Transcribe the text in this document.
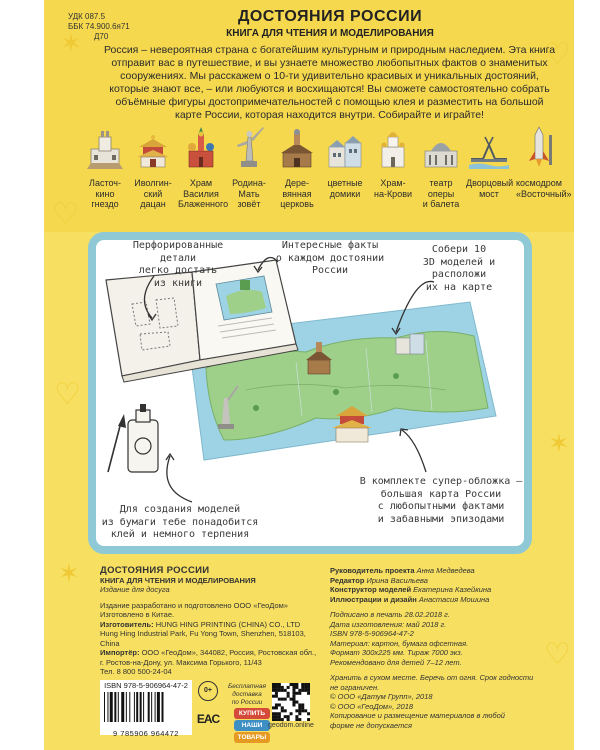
♡
♡
♡
♡
✶
✶
✶
УДК 087.5
ББК 74.900.6я71
Д70
ДОСТОЯНИЯ РОССИИ
КНИГА ДЛЯ ЧТЕНИЯ И МОДЕЛИРОВАНИЯ
Россия – невероятная страна с богатейшим культурным и природным наследием. Эта книга отправит вас в путешествие, и вы узнаете множество любопытных фактов о знаменитых сооружениях. Мы расскажем о 10-ти удивительно красивых и уникальных достояний, которые знают все, – или любуются и восхищаются! Вы сможете самостоятельно собрать объёмные фигуры достопримечательностей с помощью клея и разместить на большой карте России, которая находится внутри. Собирайте и играйте!
Ласточ-
кино
гнездо
Иволгин-
ский
дацан
Храм
Василия
Блаженного
Родина-
Мать
зовёт
Дере-
вянная
церковь
цветные
домики
Храм-
на-Крови
театр
оперы
и балета
Дворцовый
мост
космодром
«Восточный»
Перфорированные детали
легко достать
из книги
Интересные факты
о каждом достоянии
России
Собери 10
3D моделей и расположи
их на карте
В комплекте супер-обложка –
большая карта России
с любопытными фактами
и забавными эпизодами
Для создания моделей
из бумаги тебе понадобится
клей и немного терпения
ДОСТОЯНИЯ РОССИИ
КНИГА ДЛЯ ЧТЕНИЯ И МОДЕЛИРОВАНИЯ
Издание для досуга
Издание разработано и подготовлено ООО «ГеоДом»
Изготовлено в Китае.
Изготовитель: HUNG HING PRINTING (CHINA) CO., LTD
Hung Hing Industrial Park, Fu Yong Town, Shenzhen, 518103, China
Импортёр: ООО «ГеоДом», 344082, Россия, Ростовская обл.,
г. Ростов-на-Дону, ул. Максима Горького, 11/43
Тел. 8 800 500-24-04
Руководитель проекта Анна Медведева
Редактор Ирина Васильева
Конструктор моделей Екатерина Казейкина
Иллюстрации и дизайн Анастасия Мошина
Подписано в печать 28.02.2018 г.
Дата изготовления: май 2018 г.
ISBN 978-5-906964-47-2
Материал: картон, бумага офсетная.
Формат 300х225 мм. Тираж 7000 экз.
Рекомендовано для детей 7–12 лет.
Хранить в сухом месте. Беречь от огня. Срок годности
не ограничен.
© ООО «Датум Групп», 2018
© ООО «ГеоДом», 2018
Копирование и размещение материалов в любой
форме не допускается
ISBN 978-5-906964-47-2
9 785906 964472
0+
EAC
Бесплатная
доставка
по России
КУПИТЬ
НАШИ
ТОВАРЫ
geodom.online
